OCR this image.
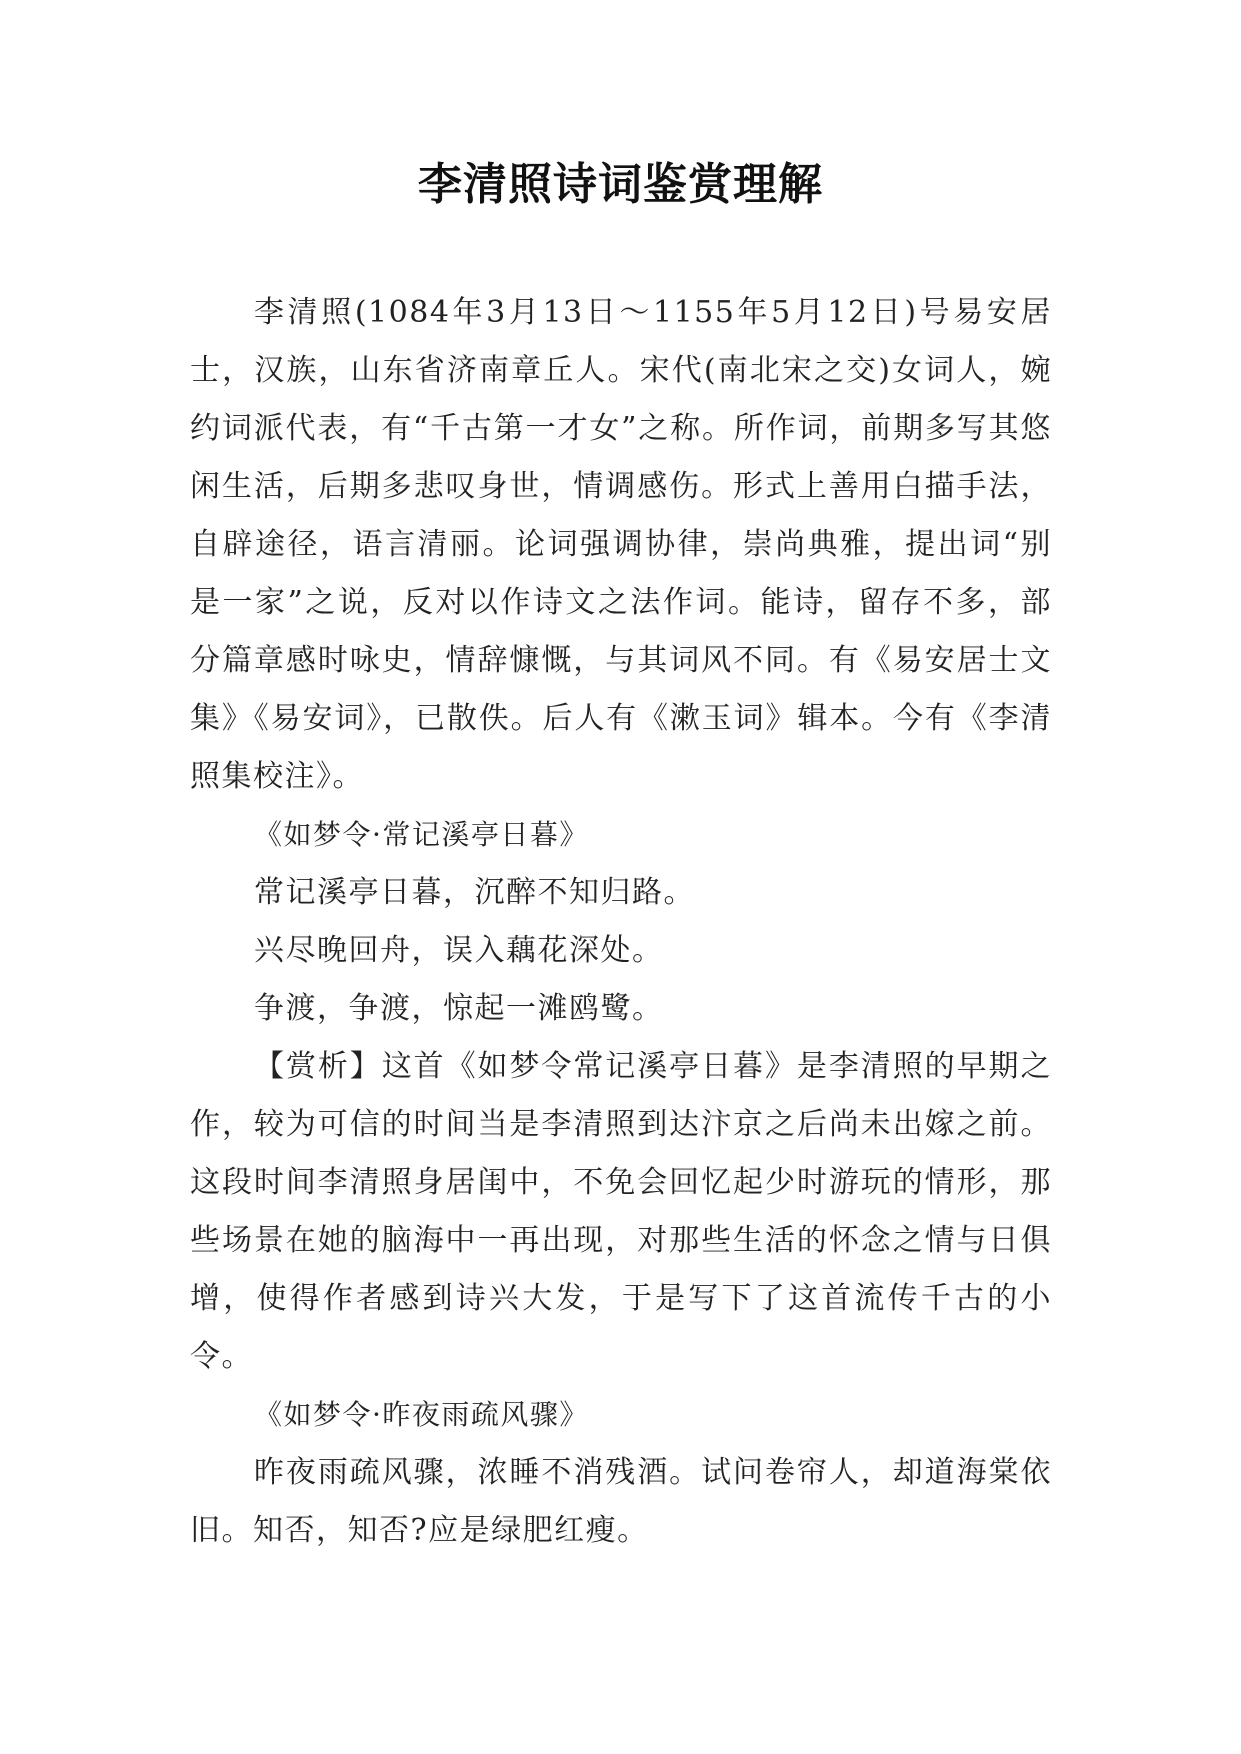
李清照诗词鉴赏理解

李清照(1084年3月13日～1155年5月12日)号易安居士，汉族，山东省济南章丘人。宋代(南北宋之交)女词人，婉约词派代表，有“千古第一才女”之称。所作词，前期多写其悠闲生活，后期多悲叹身世，情调感伤。形式上善用白描手法，自辟途径，语言清丽。论词强调协律，崇尚典雅，提出词“别是一家”之说，反对以作诗文之法作词。能诗，留存不多，部分篇章感时咏史，情辞慷慨，与其词风不同。有《易安居士文集》《易安词》，已散佚。后人有《漱玉词》辑本。今有《李清照集校注》。

《如梦令·常记溪亭日暮》

常记溪亭日暮，沉醉不知归路。

兴尽晚回舟，误入藕花深处。

争渡，争渡，惊起一滩鸥鹭。

【赏析】这首《如梦令常记溪亭日暮》是李清照的早期之作，较为可信的时间当是李清照到达汴京之后尚未出嫁之前。这段时间李清照身居闺中，不免会回忆起少时游玩的情形，那些场景在她的脑海中一再出现，对那些生活的怀念之情与日俱增，使得作者感到诗兴大发，于是写下了这首流传千古的小令。

《如梦令·昨夜雨疏风骤》

昨夜雨疏风骤，浓睡不消残酒。试问卷帘人，却道海棠依旧。知否，知否?应是绿肥红瘦。
